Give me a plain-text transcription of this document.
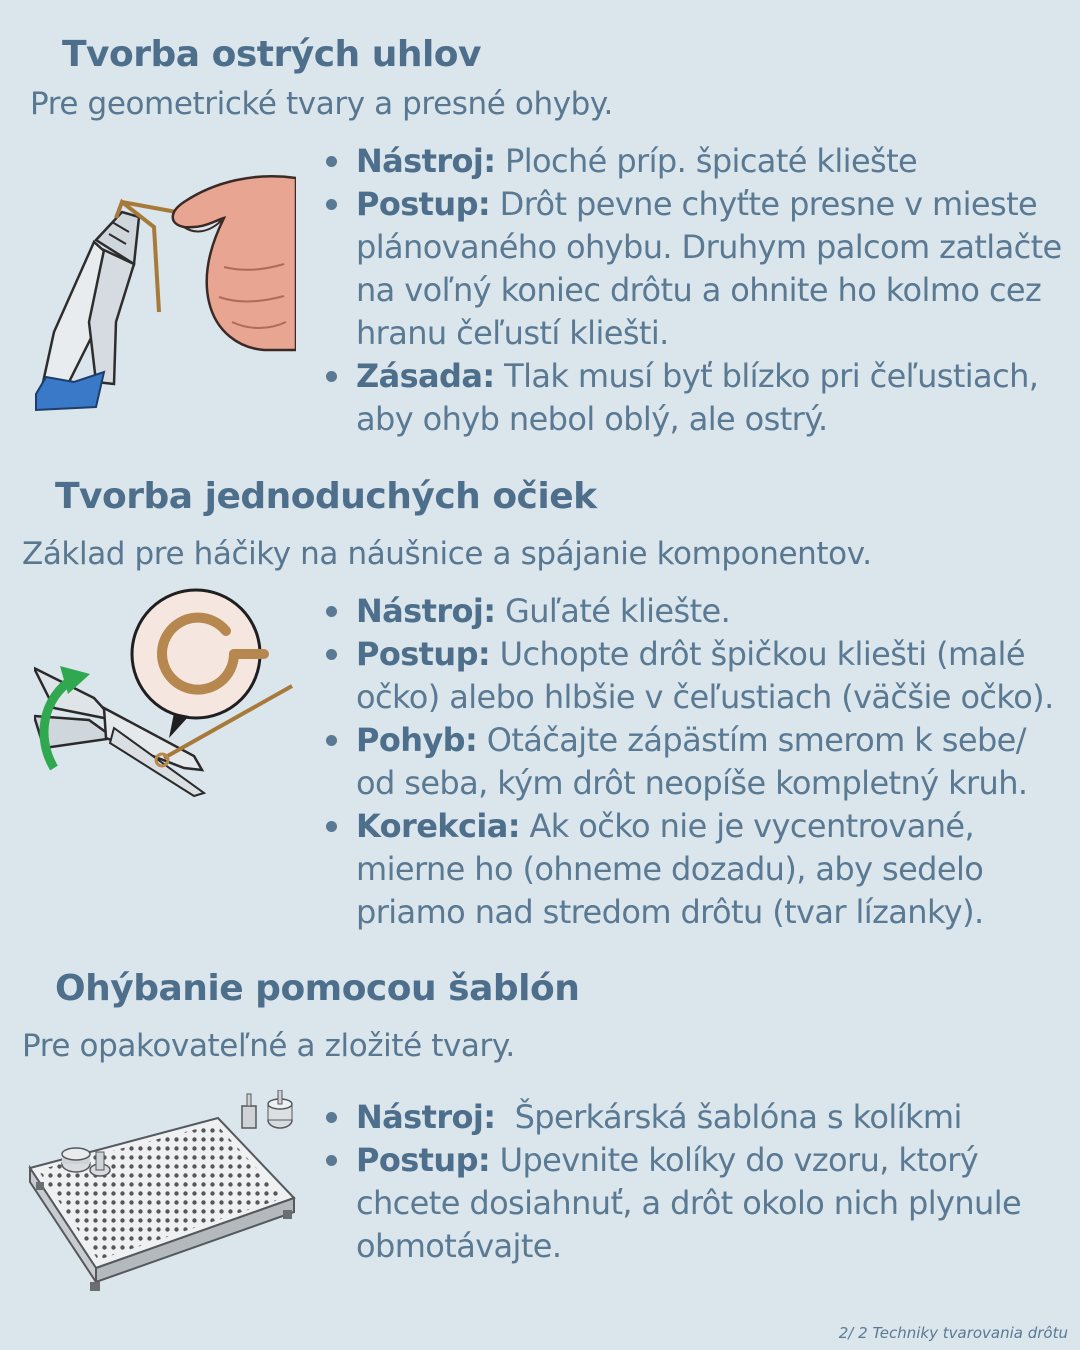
Tvorba ostrých uhlov

Pre geometrické tvary a presné ohyby.

Nástroj: Ploché príp. špicaté kliešte
Postup: Drôt pevne chyťte presne v mieste plánovaného ohybu. Druhym palcom zatlačte na voľný koniec drôtu a ohnite ho kolmo cez hranu čeľustí kliešti.
Zásada: Tlak musí byť blízko pri čeľustiach, aby ohyb nebol oblý, ale ostrý.
Tvorba jednoduchých očiek

Základ pre háčiky na náušnice a spájanie komponentov.

Nástroj: Guľaté kliešte.
Postup: Uchopte drôt špičkou kliešti (malé očko) alebo hlbšie v čeľustiach (väčšie očko).
Pohyb: Otáčajte zápästím smerom k sebe/ od seba, kým drôt neopíše kompletný kruh.
Korekcia: Ak očko nie je vycentrované, mierne ho (ohneme dozadu), aby sedelo priamo nad stredom drôtu (tvar lízanky).
Ohýbanie pomocou šablón

Pre opakovateľné a zložité tvary.

Nástroj:  Šperkárská šablóna s kolíkmi
Postup: Upevnite kolíky do vzoru, ktorý chcete dosiahnuť, a drôt okolo nich plynule obmotávajte.
2/ 2 Techniky tvarovania drôtu
